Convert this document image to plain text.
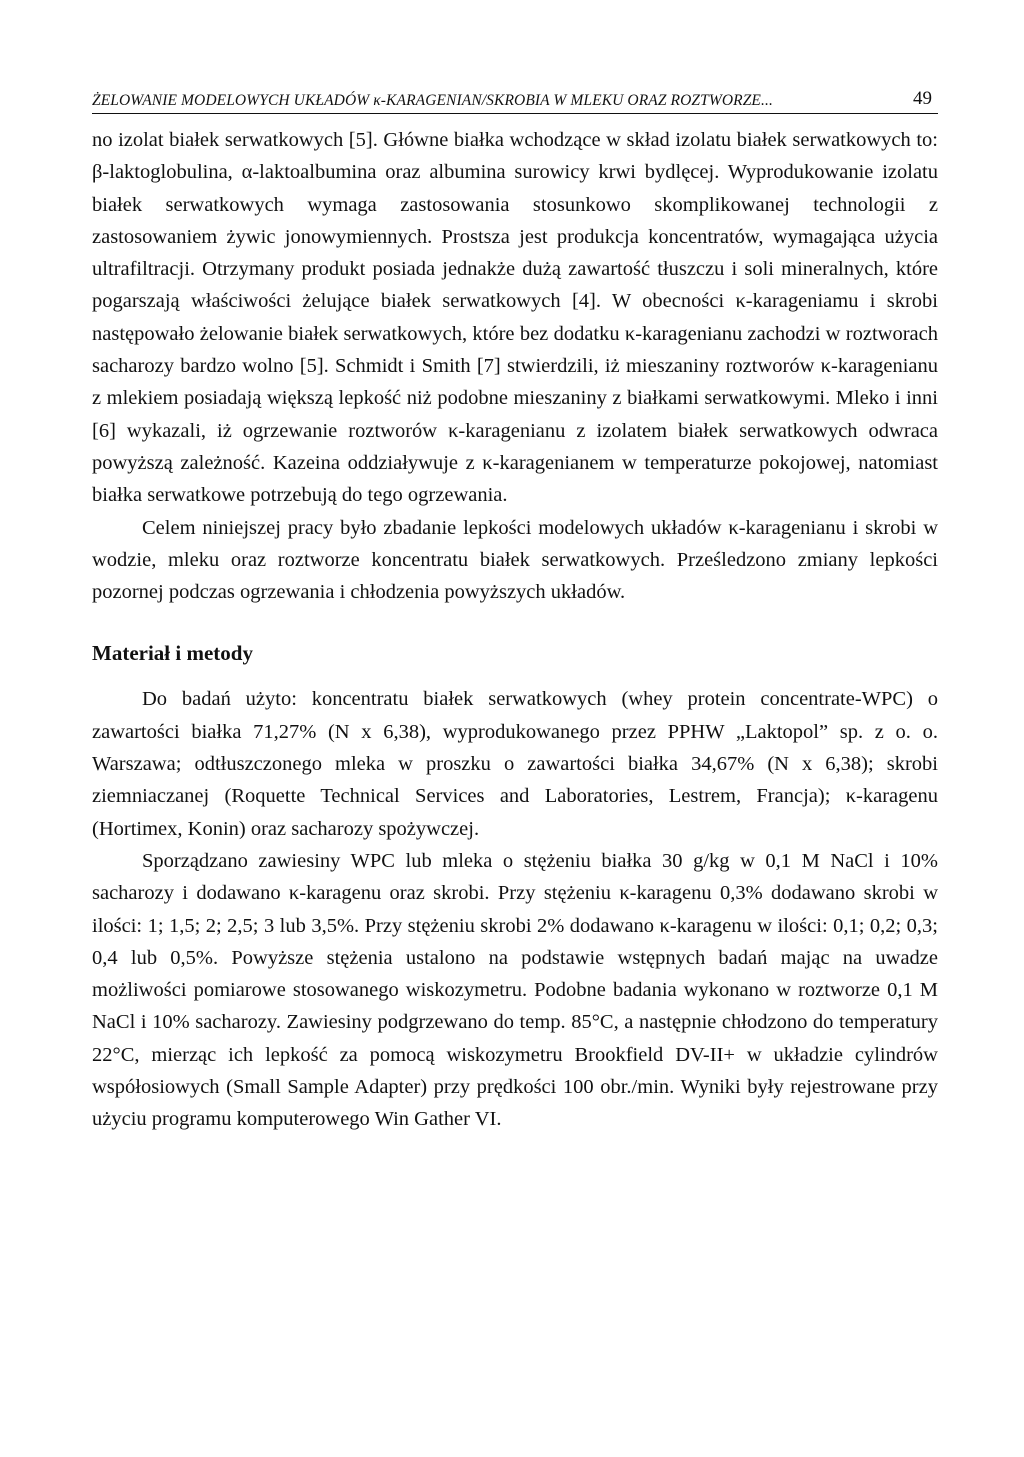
ŻELOWANIE MODELOWYCH UKŁADÓW κ-KARAGENIAN/SKROBIA W MLEKU ORAZ ROZTWORZE...	49

no izolat białek serwatkowych [5]. Główne białka wchodzące w skład izolatu białek serwatkowych to: β-laktoglobulina, α-laktoalbumina oraz albumina surowicy krwi bydlęcej. Wyprodukowanie izolatu białek serwatkowych wymaga zastosowania stosunkowo skomplikowanej technologii z zastosowaniem żywic jonowymiennych. Prostsza jest produkcja koncentratów, wymagająca użycia ultrafiltracji. Otrzymany produkt posiada jednakże dużą zawartość tłuszczu i soli mineralnych, które pogarszają właściwości żelujące białek serwatkowych [4]. W obecności κ-karageniamu i skrobi następowało żelowanie białek serwatkowych, które bez dodatku κ-karagenianu zachodzi w roztworach sacharozy bardzo wolno [5]. Schmidt i Smith [7] stwierdzili, iż mieszaniny roztworów κ-karagenianu z mlekiem posiadają większą lepkość niż podobne mieszaniny z białkami serwatkowymi. Mleko i inni [6] wykazali, iż ogrzewanie roztworów κ-karagenianu z izolatem białek serwatkowych odwraca powyższą zależność. Kazeina oddziaływuje z κ-karagenianem w temperaturze pokojowej, natomiast białka serwatkowe potrzebują do tego ogrzewania.

Celem niniejszej pracy było zbadanie lepkości modelowych układów κ-karagenianu i skrobi w wodzie, mleku oraz roztworze koncentratu białek serwatkowych. Prześledzono zmiany lepkości pozornej podczas ogrzewania i chłodzenia powyższych układów.

Materiał i metody

Do badań użyto: koncentratu białek serwatkowych (whey protein concentrate-WPC) o zawartości białka 71,27% (N x 6,38), wyprodukowanego przez PPHW „Laktopol” sp. z o. o. Warszawa; odtłuszczonego mleka w proszku o zawartości białka 34,67% (N x 6,38); skrobi ziemniaczanej (Roquette Technical Services and Laboratories, Lestrem, Francja); κ-karagenu (Hortimex, Konin) oraz sacharozy spożywczej.

Sporządzano zawiesiny WPC lub mleka o stężeniu białka 30 g/kg w 0,1 M NaCl i 10% sacharozy i dodawano κ-karagenu oraz skrobi. Przy stężeniu κ-karagenu 0,3% dodawano skrobi w ilości: 1; 1,5; 2; 2,5; 3 lub 3,5%. Przy stężeniu skrobi 2% dodawano κ-karagenu w ilości: 0,1; 0,2; 0,3; 0,4 lub 0,5%. Powyższe stężenia ustalono na podstawie wstępnych badań mając na uwadze możliwości pomiarowe stosowanego wiskozymetru. Podobne badania wykonano w roztworze 0,1 M NaCl i 10% sacharozy. Zawiesiny podgrzewano do temp. 85°C, a następnie chłodzono do temperatury 22°C, mierząc ich lepkość za pomocą wiskozymetru Brookfield DV-II+ w układzie cylindrów współosiowych (Small Sample Adapter) przy prędkości 100 obr./min. Wyniki były rejestrowane przy użyciu programu komputerowego Win Gather VI.
